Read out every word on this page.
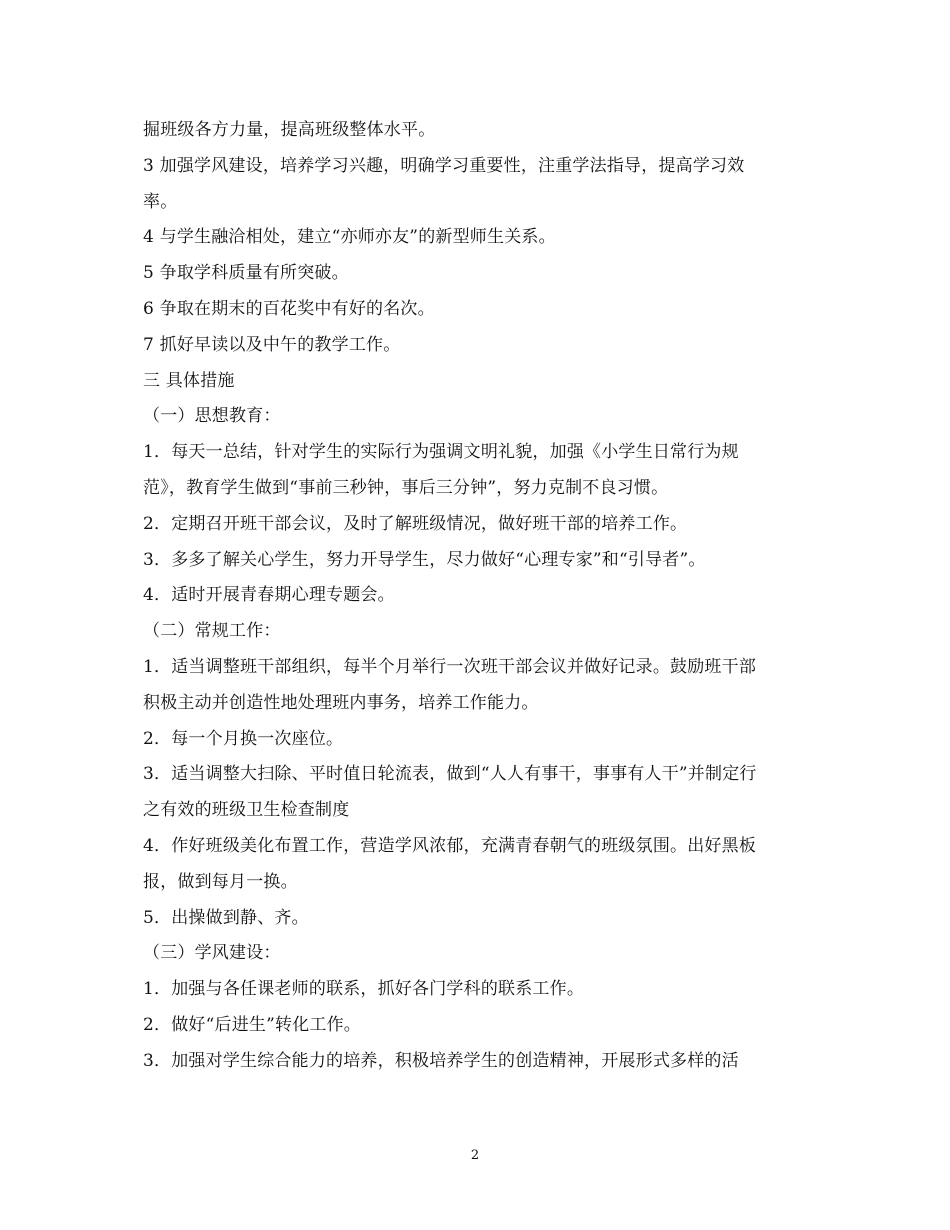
掘班级各方力量，提高班级整体水平。
3 加强学风建设，培养学习兴趣，明确学习重要性，注重学法指导，提高学习效
率。
4 与学生融洽相处，建立“亦师亦友”的新型师生关系。
5 争取学科质量有所突破。
6 争取在期末的百花奖中有好的名次。
7 抓好早读以及中午的教学工作。
三 具体措施
（一）思想教育：
1．每天一总结，针对学生的实际行为强调文明礼貌，加强《小学生日常行为规
范》，教育学生做到“事前三秒钟，事后三分钟”，努力克制不良习惯。
2．定期召开班干部会议，及时了解班级情况，做好班干部的培养工作。
3．多多了解关心学生，努力开导学生，尽力做好“心理专家”和“引导者”。
4．适时开展青春期心理专题会。
（二）常规工作：
1．适当调整班干部组织，每半个月举行一次班干部会议并做好记录。鼓励班干部
积极主动并创造性地处理班内事务，培养工作能力。
2．每一个月换一次座位。
3．适当调整大扫除、平时值日轮流表，做到“人人有事干，事事有人干”并制定行
之有效的班级卫生检查制度
4．作好班级美化布置工作，营造学风浓郁，充满青春朝气的班级氛围。出好黑板
报，做到每月一换。
5．出操做到静、齐。
（三）学风建设：
1．加强与各任课老师的联系，抓好各门学科的联系工作。
2．做好“后进生”转化工作。
3．加强对学生综合能力的培养，积极培养学生的创造精神，开展形式多样的活
2
